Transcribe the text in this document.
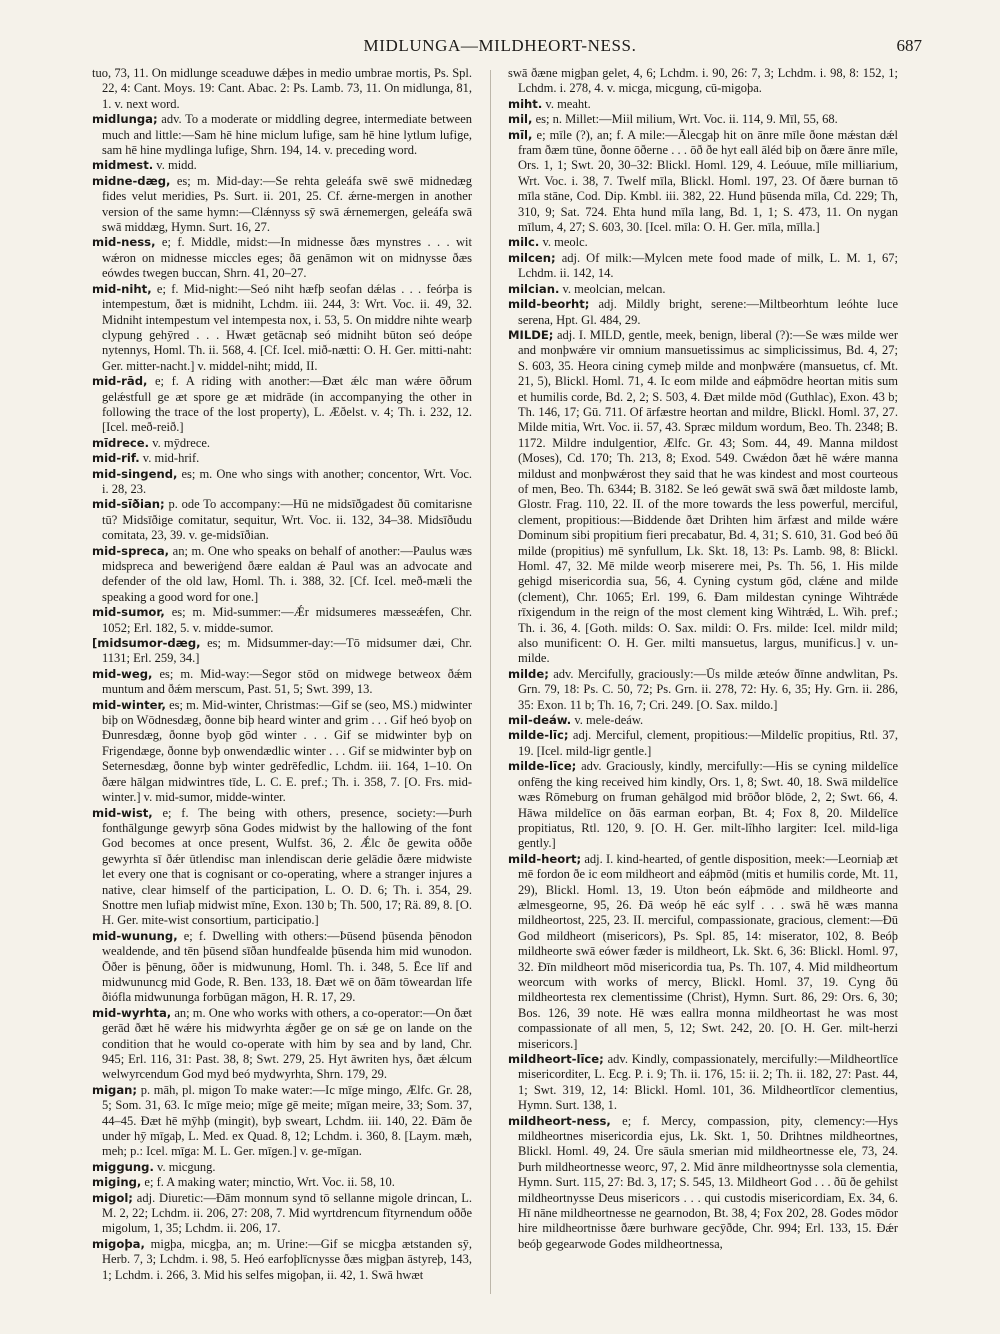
MIDLUNGA—MILDHEORT-NESS.	687

tuo, 73, 11. On midlunge sceaduwe dǽþes in medio umbrae mortis, Ps. Spl. 22, 4: Cant. Moys. 19: Cant. Abac. 2: Ps. Lamb. 73, 11. On midlunga, 81, 1. v. next word.

midlunga; adv. To a moderate or middling degree, intermediate between much and little:—Sam hē hine miclum lufige, sam hē hine lytlum lufige, sam hē hine mydlinga lufige, Shrn. 194, 14. v. preceding word.

midmest. v. midd.

midne-dæg, es; m. Mid-day:—Se rehta geleáfa swē swē midnedæg fides velut meridies, Ps. Surt. ii. 201, 25. Cf. ǽrne-mergen in another version of the same hymn:—Clǽnnyss sȳ swā ǽrnemergen, geleáfa swā swā middæg, Hymn. Surt. 16, 27.

mid-ness, e; f. Middle, midst:—In midnesse ðæs mynstres . . . wit wǽron on midnesse miccles eges; ðā genāmon wit on midnysse ðæs eówdes twegen buccan, Shrn. 41, 20–27.

mid-niht, e; f. Mid-night:—Seó niht hæfþ seofan dǽlas . . . feórþa is intempestum, ðæt is midniht, Lchdm. iii. 244, 3: Wrt. Voc. ii. 49, 32. Midniht intempestum vel intempesta nox, i. 53, 5. On middre nihte wearþ clypung gehȳred . . . Hwæt getācnaþ seó midniht būton seó deópe nytennys, Homl. Th. ii. 568, 4. [Cf. Icel. mið-nætti: O. H. Ger. mitti-naht: Ger. mitter-nacht.] v. middel-niht; midd, II.

mid-rād, e; f. A riding with another:—Ðæt ǽlc man wǽre ōðrum gelǽstfull ge æt spore ge æt midrāde (in accompanying the other in following the trace of the lost property), L. Æðelst. v. 4; Th. i. 232, 12. [Icel. með-reið.]

mīdrece. v. mȳdrece.

mid-rif. v. mid-hrif.

mid-singend, es; m. One who sings with another; concentor, Wrt. Voc. i. 28, 23.

mid-sīðian; p. ode To accompany:—Hū ne midsīðgadest ðū comitarisne tū? Midsīðige comitatur, sequitur, Wrt. Voc. ii. 132, 34–38. Midsīðudu comitata, 23, 39. v. ge-midsīðian.

mid-spreca, an; m. One who speaks on behalf of another:—Paulus wæs midspreca and beweriġend ðære ealdan ǽ Paul was an advocate and defender of the old law, Homl. Th. i. 388, 32. [Cf. Icel. með-mæli the speaking a good word for one.]

mid-sumor, es; m. Mid-summer:—Ǽr midsumeres mæsseǽfen, Chr. 1052; Erl. 182, 5. v. midde-sumor.

[midsumor-dæg, es; m. Midsummer-day:—Tō midsumer dæi, Chr. 1131; Erl. 259, 34.]

mid-weg, es; m. Mid-way:—Segor stōd on midwege betweox ðǽm muntum and ðǽm merscum, Past. 51, 5; Swt. 399, 13.

mid-winter, es; m. Mid-winter, Christmas:—Gif se (seo, MS.) midwinter biþ on Wōdnesdæg, ðonne biþ heard winter and grim . . . Gif heó byoþ on Ðunresdæg, ðonne byoþ gōd winter . . . Gif se midwinter byþ on Frigendæge, ðonne byþ onwendædlic winter . . . Gif se midwinter byþ on Seternesdæg, ðonne byþ winter gedrēfedlic, Lchdm. iii. 164, 1–10. On ðære hālgan midwintres tīde, L. C. E. pref.; Th. i. 358, 7. [O. Frs. mid-winter.] v. mid-sumor, midde-winter.

mid-wist, e; f. The being with others, presence, society:—Þurh fonthālgunge gewyrþ sōna Godes midwist by the hallowing of the font God becomes at once present, Wulfst. 36, 2. Ǽlc ðe gewita oððe gewyrhta sī ðǽr ūtlendisc man inlendiscan derie gelādie ðære midwiste let every one that is cognisant or co-operating, where a stranger injures a native, clear himself of the participation, L. O. D. 6; Th. i. 354, 29. Snottre men lufiaþ midwist mīne, Exon. 130 b; Th. 500, 17; Rä. 89, 8. [O. H. Ger. mite-wist consortium, participatio.]

mid-wunung, e; f. Dwelling with others:—Þūsend þūsenda þēnodon wealdende, and tēn þūsend sīðan hundfealde þūsenda him mid wunodon. Ōðer is þēnung, ōðer is midwunung, Homl. Th. i. 348, 5. Ēce līf and midwununcg mid Gode, R. Ben. 133, 18. Ðæt wē on ðām tōweardan līfe ðiófla midwununga forbūgan māgon, H. R. 17, 29.

mid-wyrhta, an; m. One who works with others, a co-operator:—On ðæt gerād ðæt hē wǽre his midwyrhta ǽgðer ge on sǽ ge on lande on the condition that he would co-operate with him by sea and by land, Chr. 945; Erl. 116, 31: Past. 38, 8; Swt. 279, 25. Hyt āwriten hys, ðæt ǽlcum welwyrcendum God myd beó mydwyrhta, Shrn. 179, 29.

migan; p. māh, pl. migon To make water:—Ic mīge mingo, Ælfc. Gr. 28, 5; Som. 31, 63. Ic mīge meio; mīge gē meite; mīgan meire, 33; Som. 37, 44–45. Ðæt hē mȳhþ (mingit), byþ sweart, Lchdm. iii. 140, 22. Ðām ðe under hȳ mīgaþ, L. Med. ex Quad. 8, 12; Lchdm. i. 360, 8. [Laym. mæh, meh; p.: Icel. mīga: M. L. Ger. mīgen.] v. ge-mīgan.

miggung. v. micgung.

miging, e; f. A making water; minctio, Wrt. Voc. ii. 58, 10.

migol; adj. Diuretic:—Ðām monnum synd tō sellanne migole drincan, L. M. 2, 22; Lchdm. ii. 206, 27: 208, 7. Mid wyrtdrencum fītyrnendum oððe migolum, 1, 35; Lchdm. ii. 206, 17.

migoþa, migþa, micgþa, an; m. Urine:—Gif se micgþa ætstanden sȳ, Herb. 7, 3; Lchdm. i. 98, 5. Heó earfoþlīcnysse ðæs migþan āstyreþ, 143, 1; Lchdm. i. 266, 3. Mid his selfes migoþan, ii. 42, 1. Swā hwæt

swā ðæne migþan gelet, 4, 6; Lchdm. i. 90, 26: 7, 3; Lchdm. i. 98, 8: 152, 1; Lchdm. i. 278, 4. v. micga, micgung, cū-migoþa.

miht. v. meaht.

mil, es; n. Millet:—Miil milium, Wrt. Voc. ii. 114, 9. Mīl, 55, 68.

mīl, e; mīle (?), an; f. A mile:—Ālecgaþ hit on ānre mīle ðone mǽstan dǽl fram ðæm tūne, ðonne ōðerne . . . ōð ðe hyt eall āléd biþ on ðære ānre mīle, Ors. 1, 1; Swt. 20, 30–32: Blickl. Homl. 129, 4. Leóuue, mīle milliarium, Wrt. Voc. i. 38, 7. Twelf mīla, Blickl. Homl. 197, 23. Of ðære burnan tō mīla stāne, Cod. Dip. Kmbl. iii. 382, 22. Hund þūsenda mīla, Cd. 229; Th, 310, 9; Sat. 724. Ehta hund mīla lang, Bd. 1, 1; S. 473, 11. On nygan mīlum, 4, 27; S. 603, 30. [Icel. mīla: O. H. Ger. mīla, mīlla.]

milc. v. meolc.

milcen; adj. Of milk:—Mylcen mete food made of milk, L. M. 1, 67; Lchdm. ii. 142, 14.

milcian. v. meolcian, melcan.

mild-beorht; adj. Mildly bright, serene:—Miltbeorhtum leóhte luce serena, Hpt. Gl. 484, 29.

MILDE; adj. I. MILD, gentle, meek, benign, liberal (?):—Se wæs milde wer and monþwǽre vir omnium mansuetissimus ac simplicissimus, Bd. 4, 27; S. 603, 35. Heora cining cymeþ milde and monþwǽre (mansuetus, cf. Mt. 21, 5), Blickl. Homl. 71, 4. Ic eom milde and eáþmōdre heortan mitis sum et humilis corde, Bd. 2, 2; S. 503, 4. Ðæt milde mōd (Guthlac), Exon. 43 b; Th. 146, 17; Gū. 711. Of ārfæstre heortan and mildre, Blickl. Homl. 37, 27. Milde mitia, Wrt. Voc. ii. 57, 43. Spræc mildum wordum, Beo. Th. 2348; B. 1172. Mildre indulgentior, Ælfc. Gr. 43; Som. 44, 49. Manna mildost (Moses), Cd. 170; Th. 213, 8; Exod. 549. Cwǽdon ðæt hē wǽre manna mildust and monþwǽrost they said that he was kindest and most courteous of men, Beo. Th. 6344; B. 3182. Se leó gewāt swā swā ðæt mildoste lamb, Glostr. Frag. 110, 22. II. of the more towards the less powerful, merciful, clement, propitious:—Biddende ðæt Drihten him ārfæst and milde wǽre Dominum sibi propitium fieri precabatur, Bd. 4, 31; S. 610, 31. God beó ðū milde (propitius) mē synfullum, Lk. Skt. 18, 13: Ps. Lamb. 98, 8: Blickl. Homl. 47, 32. Mē milde weorþ miserere mei, Ps. Th. 56, 1. His milde gehigd misericordia sua, 56, 4. Cyning cystum gōd, clǽne and milde (clement), Chr. 1065; Erl. 199, 6. Ðam mildestan cyninge Wihtrǽde rīxigendum in the reign of the most clement king Wihtrǽd, L. Wih. pref.; Th. i. 36, 4. [Goth. milds: O. Sax. mildi: O. Frs. milde: Icel. mildr mild; also munificent: O. H. Ger. milti mansuetus, largus, munificus.] v. un-milde.

milde; adv. Mercifully, graciously:—Ūs milde æteów ðīnne andwlitan, Ps. Grn. 79, 18: Ps. C. 50, 72; Ps. Grn. ii. 278, 72: Hy. 6, 35; Hy. Grn. ii. 286, 35: Exon. 11 b; Th. 16, 7; Cri. 249. [O. Sax. mildo.]

mil-deáw. v. mele-deáw.

milde-līc; adj. Merciful, clement, propitious:—Mildelīc propitius, Rtl. 37, 19. [Icel. mild-ligr gentle.]

milde-līce; adv. Graciously, kindly, mercifully:—His se cyning mildelīce onfēng the king received him kindly, Ors. 1, 8; Swt. 40, 18. Swā mildelīce wæs Rōmeburg on fruman gehālgod mid brōðor blōde, 2, 2; Swt. 66, 4. Hāwa mildelīce on ðās earman eorþan, Bt. 4; Fox 8, 20. Mildelīce propitiatus, Rtl. 120, 9. [O. H. Ger. milt-lîhho largiter: Icel. mild-liga gently.]

mild-heort; adj. I. kind-hearted, of gentle disposition, meek:—Leorniaþ æt mē fordon ðe ic eom mildheort and eáþmōd (mitis et humilis corde, Mt. 11, 29), Blickl. Homl. 13, 19. Uton beón eáþmōde and mildheorte and ælmesgeorne, 95, 26. Ðā weóp hē eác sylf . . . swā hē wæs manna mildheortost, 225, 23. II. merciful, compassionate, gracious, clement:—Ðū God mildheort (misericors), Ps. Spl. 85, 14: miserator, 102, 8. Beóþ mildheorte swā eówer fæder is mildheort, Lk. Skt. 6, 36: Blickl. Homl. 97, 32. Ðīn mildheort mōd misericordia tua, Ps. Th. 107, 4. Mid mildheortum weorcum with works of mercy, Blickl. Homl. 37, 19. Cyng ðū mildheortesta rex clementissime (Christ), Hymn. Surt. 86, 29: Ors. 6, 30; Bos. 126, 39 note. Hē wæs eallra monna mildheortast he was most compassionate of all men, 5, 12; Swt. 242, 20. [O. H. Ger. milt-herzi misericors.]

mildheort-līce; adv. Kindly, compassionately, mercifully:—Mildheortlīce misericorditer, L. Ecg. P. i. 9; Th. ii. 176, 15: ii. 2; Th. ii. 182, 27: Past. 44, 1; Swt. 319, 12, 14: Blickl. Homl. 101, 36. Mildheortlīcor clementius, Hymn. Surt. 138, 1.

mildheort-ness, e; f. Mercy, compassion, pity, clemency:—Hys mildheortnes misericordia ejus, Lk. Skt. 1, 50. Drihtnes mildheortnes, Blickl. Homl. 49, 24. Ūre sāula smerian mid mildheortnesse ele, 73, 24. Þurh mildheortnesse weorc, 97, 2. Mid ānre mildheortnysse sola clementia, Hymn. Surt. 115, 27: Bd. 3, 17; S. 545, 13. Mildheort God . . . ðū ðe gehilst mildheortnysse Deus misericors . . . qui custodis misericordiam, Ex. 34, 6. Hī nāne mildheortnesse ne gearnodon, Bt. 38, 4; Fox 202, 28. Godes mōdor hire mildheortnisse ðære burhware gecȳðde, Chr. 994; Erl. 133, 15. Ðǽr beóþ gegearwode Godes mildheortnessa,
